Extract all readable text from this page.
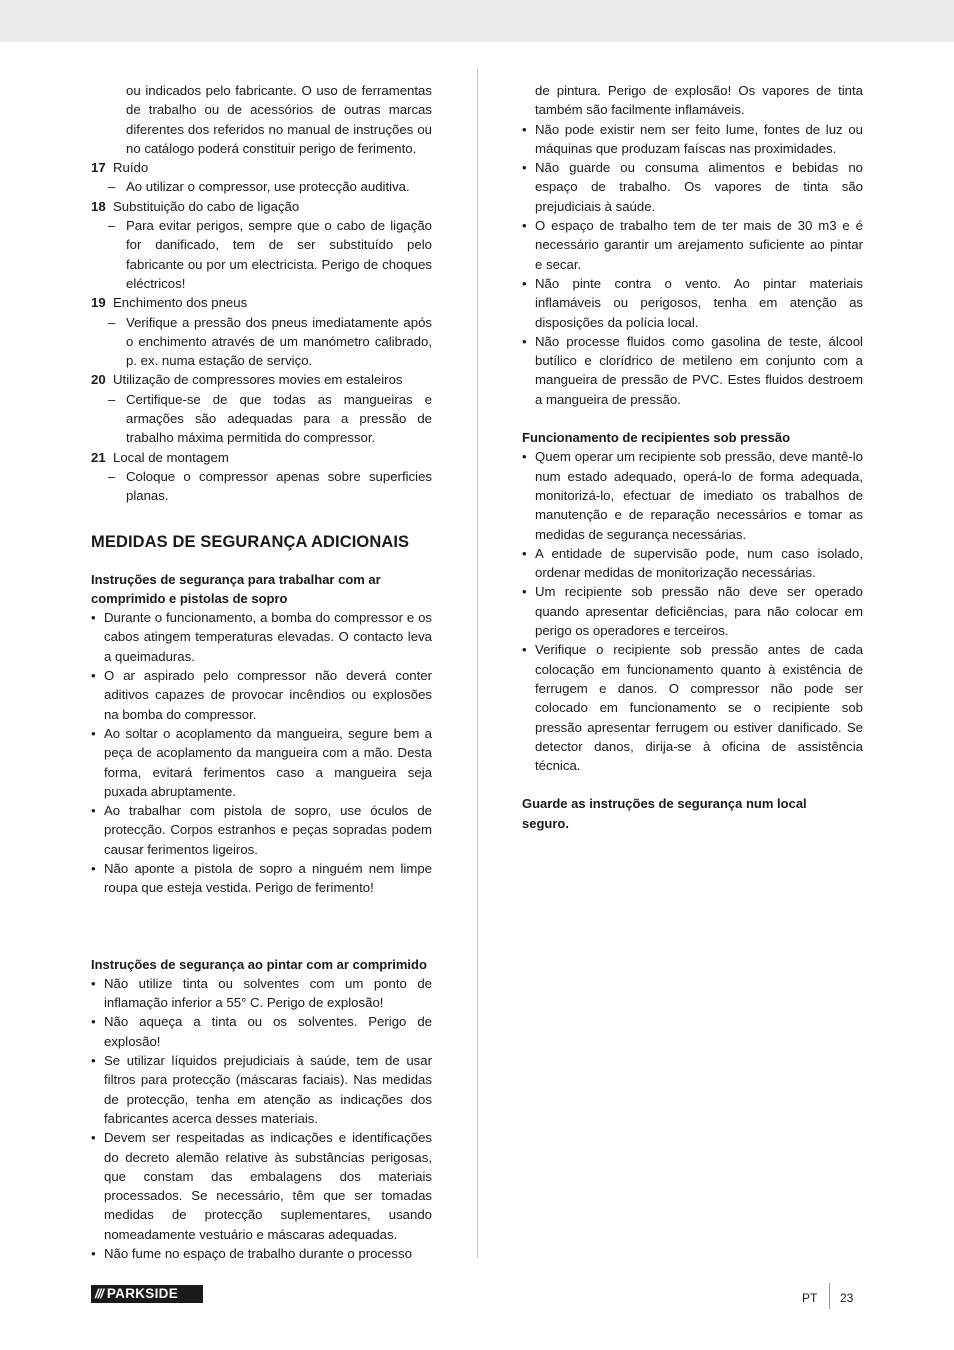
ou indicados pelo fabricante. O uso de ferramentas de trabalho ou de acessórios de outras marcas diferentes dos referidos no manual de instruções ou no catálogo poderá constituir perigo de ferimento.
17 Ruído
– Ao utilizar o compressor, use protecção auditiva.
18 Substituição do cabo de ligação
– Para evitar perigos, sempre que o cabo de ligação for danificado, tem de ser substituído pelo fabricante ou por um electricista. Perigo de choques eléctricos!
19 Enchimento dos pneus
– Verifique a pressão dos pneus imediatamente após o enchimento através de um manómetro calibrado, p. ex. numa estação de serviço.
20 Utilização de compressores movies em estaleiros
– Certifique-se de que todas as mangueiras e armações são adequadas para a pressão de trabalho máxima permitida do compressor.
21 Local de montagem
– Coloque o compressor apenas sobre superficies planas.
MEDIDAS DE SEGURANÇA ADICIONAIS
Instruções de segurança para trabalhar com ar comprimido e pistolas de sopro
• Durante o funcionamento, a bomba do compressor e os cabos atingem temperaturas elevadas. O contacto leva a queimaduras.
• O ar aspirado pelo compressor não deverá conter aditivos capazes de provocar incêndios ou explosões na bomba do compressor.
• Ao soltar o acoplamento da mangueira, segure bem a peça de acoplamento da mangueira com a mão. Desta forma, evitará ferimentos caso a mangueira seja puxada abruptamente.
• Ao trabalhar com pistola de sopro, use óculos de protecção. Corpos estranhos e peças sopradas podem causar ferimentos ligeiros.
• Não aponte a pistola de sopro a ninguém nem limpe roupa que esteja vestida. Perigo de ferimento!
Instruções de segurança ao pintar com ar comprimido
• Não utilize tinta ou solventes com um ponto de inflamação inferior a 55° C. Perigo de explosão!
• Não aqueça a tinta ou os solventes. Perigo de explosão!
• Se utilizar líquidos prejudiciais à saúde, tem de usar filtros para protecção (máscaras faciais). Nas medidas de protecção, tenha em atenção as indicações dos fabricantes acerca desses materiais.
• Devem ser respeitadas as indicações e identificações do decreto alemão relative às substâncias perigosas, que constam das embalagens dos materiais processados. Se necessário, têm que ser tomadas medidas de protecção suplementares, usando nomeadamente vestuário e máscaras adequadas.
• Não fume no espaço de trabalho durante o processo
de pintura. Perigo de explosão! Os vapores de tinta também são facilmente inflamáveis.
• Não pode existir nem ser feito lume, fontes de luz ou máquinas que produzam faíscas nas proximidades.
• Não guarde ou consuma alimentos e bebidas no espaço de trabalho. Os vapores de tinta são prejudiciais à saúde.
• O espaço de trabalho tem de ter mais de 30 m3 e é necessário garantir um arejamento suficiente ao pintar e secar.
• Não pinte contra o vento. Ao pintar materiais inflamáveis ou perigosos, tenha em atenção as disposições da polícia local.
• Não processe fluidos como gasolina de teste, álcool butílico e clorídrico de metileno em conjunto com a mangueira de pressão de PVC. Estes fluidos destroem a mangueira de pressão.
Funcionamento de recipientes sob pressão
• Quem operar um recipiente sob pressão, deve mantê-lo num estado adequado, operá-lo de forma adequada, monitorizá-lo, efectuar de imediato os trabalhos de manutenção e de reparação necessários e tomar as medidas de segurança necessárias.
• A entidade de supervisão pode, num caso isolado, ordenar medidas de monitorização necessárias.
• Um recipiente sob pressão não deve ser operado quando apresentar deficiências, para não colocar em perigo os operadores e terceiros.
• Verifique o recipiente sob pressão antes de cada colocação em funcionamento quanto à existência de ferrugem e danos. O compressor não pode ser colocado em funcionamento se o recipiente sob pressão apresentar ferrugem ou estiver danificado. Se detector danos, dirija-se à oficina de assistência técnica.
Guarde as instruções de segurança num local seguro.
/// PARKSIDE	PT 23
